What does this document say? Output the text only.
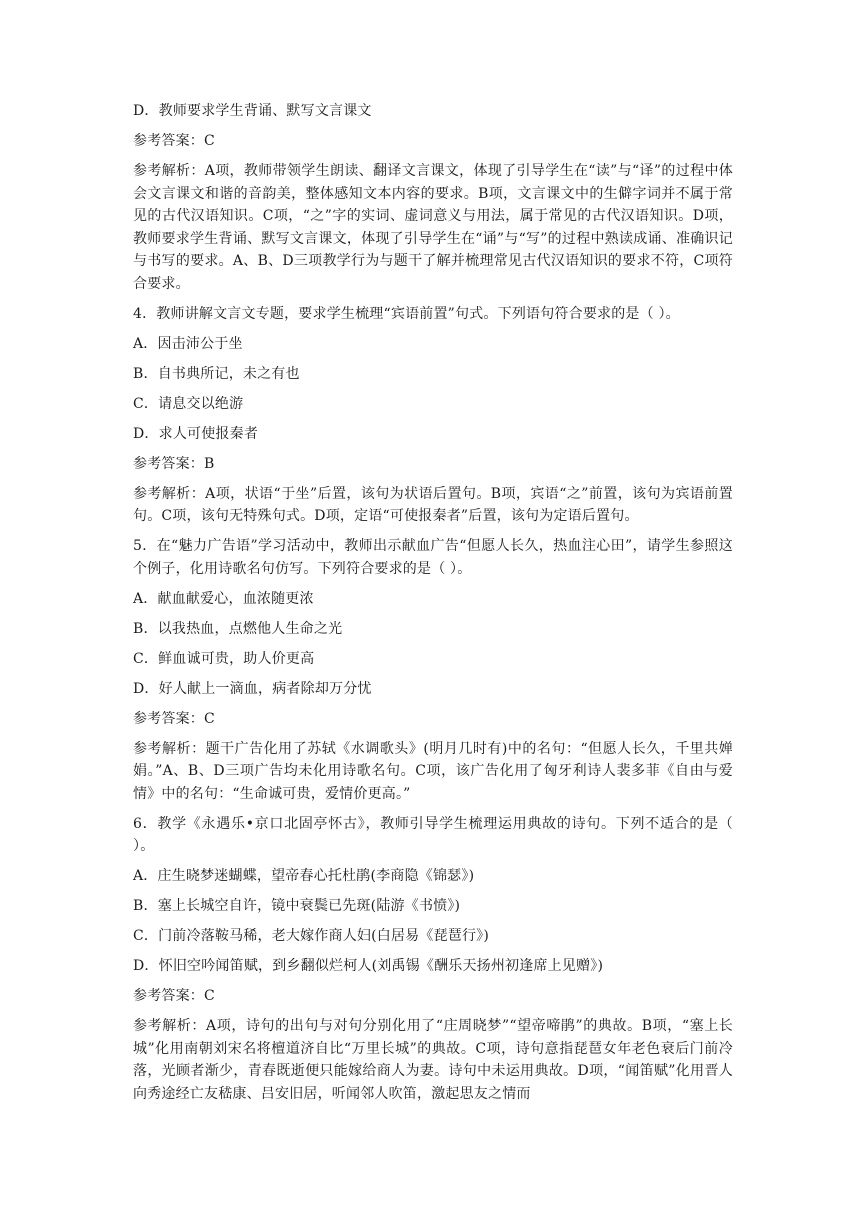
D．教师要求学生背诵、默写文言课文

参考答案：C

参考解析：A项，教师带领学生朗读、翻译文言课文，体现了引导学生在“读”与“译”的过程中体会文言课文和谐的音韵美，整体感知文本内容的要求。B项，文言课文中的生僻字词并不属于常见的古代汉语知识。C项，“之”字的实词、虚词意义与用法，属于常见的古代汉语知识。D项，教师要求学生背诵、默写文言课文，体现了引导学生在“诵”与“写”的过程中熟读成诵、准确识记与书写的要求。A、B、D三项教学行为与题干了解并梳理常见古代汉语知识的要求不符，C项符合要求。

4．教师讲解文言文专题，要求学生梳理“宾语前置”句式。下列语句符合要求的是（ ）。

A．因击沛公于坐

B．自书典所记，未之有也

C．请息交以绝游

D．求人可使报秦者

参考答案：B

参考解析：A项，状语“于坐”后置，该句为状语后置句。B项，宾语“之”前置，该句为宾语前置句。C项，该句无特殊句式。D项，定语“可使报秦者”后置，该句为定语后置句。

5．在“魅力广告语”学习活动中，教师出示献血广告“但愿人长久，热血注心田”，请学生参照这个例子，化用诗歌名句仿写。下列符合要求的是（ ）。

A．献血献爱心，血浓随更浓

B．以我热血，点燃他人生命之光

C．鲜血诚可贵，助人价更高

D．好人献上一滴血，病者除却万分忧

参考答案：C

参考解析：题干广告化用了苏轼《水调歌头》(明月几时有)中的名句：“但愿人长久，千里共婵娟。”A、B、D三项广告均未化用诗歌名句。C项，该广告化用了匈牙利诗人裴多菲《自由与爱情》中的名句：“生命诚可贵，爱情价更高。”

6．教学《永遇乐•京口北固亭怀古》，教师引导学生梳理运用典故的诗句。下列不适合的是（ ）。

A．庄生晓梦迷蝴蝶，望帝春心托杜鹃(李商隐《锦瑟》)

B．塞上长城空自许，镜中衰鬓已先斑(陆游《书愤》)

C．门前冷落鞍马稀，老大嫁作商人妇(白居易《琵琶行》)

D．怀旧空吟闻笛赋，到乡翻似烂柯人(刘禹锡《酬乐天扬州初逢席上见赠》)

参考答案：C

参考解析：A项，诗句的出句与对句分别化用了“庄周晓梦”“望帝啼鹃”的典故。B项，“塞上长城”化用南朝刘宋名将檀道济自比“万里长城”的典故。C项，诗句意指琵琶女年老色衰后门前冷落，光顾者渐少，青春既逝便只能嫁给商人为妻。诗句中未运用典故。D项，“闻笛赋”化用晋人向秀途经亡友嵇康、吕安旧居，听闻邻人吹笛，激起思友之情而
